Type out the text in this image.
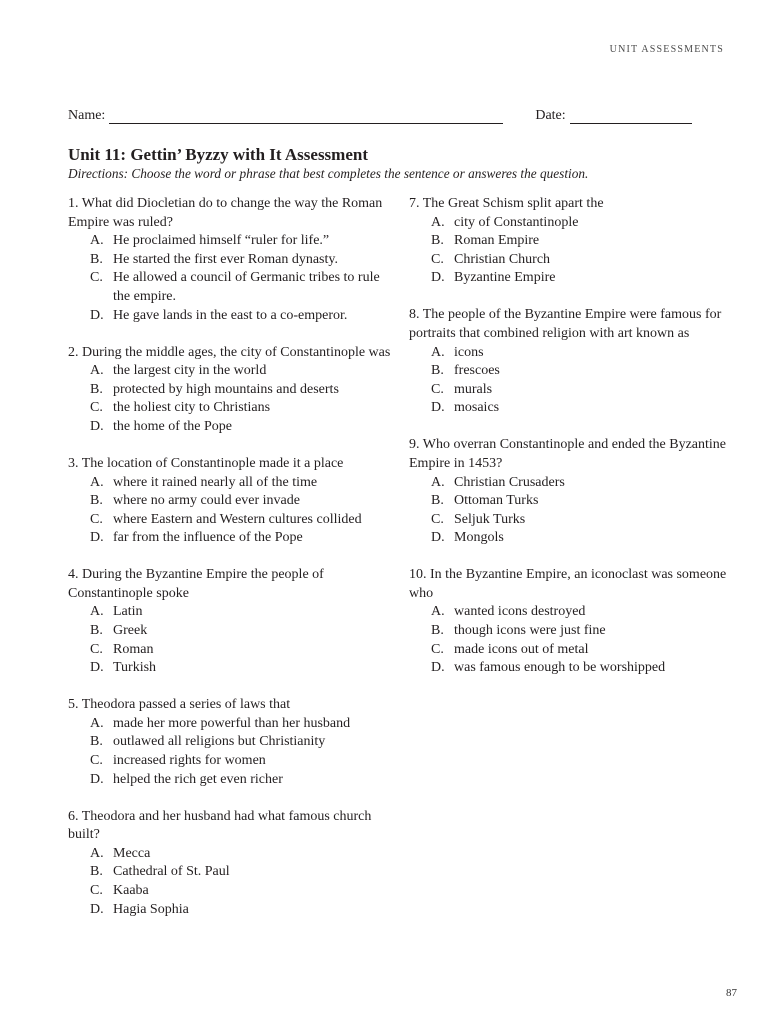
UNIT ASSESSMENTS
Name:	Date:
Unit 11: Gettin’ Byzzy with It Assessment
Directions: Choose the word or phrase that best completes the sentence or answeres the question.
1. What did Diocletian do to change the way the Roman Empire was ruled?
A. He proclaimed himself “ruler for life.”
B. He started the first ever Roman dynasty.
C. He allowed a council of Germanic tribes to rule the empire.
D. He gave lands in the east to a co-emperor.
2. During the middle ages, the city of Constantinople was
A. the largest city in the world
B. protected by high mountains and deserts
C. the holiest city to Christians
D. the home of the Pope
3. The location of Constantinople made it a place
A. where it rained nearly all of the time
B. where no army could ever invade
C. where Eastern and Western cultures collided
D. far from the influence of the Pope
4. During the Byzantine Empire the people of Constantinople spoke
A. Latin
B. Greek
C. Roman
D. Turkish
5. Theodora passed a series of laws that
A. made her more powerful than her husband
B. outlawed all religions but Christianity
C. increased rights for women
D. helped the rich get even richer
6. Theodora and her husband had what famous church built?
A. Mecca
B. Cathedral of St. Paul
C. Kaaba
D. Hagia Sophia
7. The Great Schism split apart the
A. city of Constantinople
B. Roman Empire
C. Christian Church
D. Byzantine Empire
8. The people of the Byzantine Empire were famous for portraits that combined religion with art known as
A. icons
B. frescoes
C. murals
D. mosaics
9. Who overran Constantinople and ended the Byzantine Empire in 1453?
A. Christian Crusaders
B. Ottoman Turks
C. Seljuk Turks
D. Mongols
10. In the Byzantine Empire, an iconoclast was someone who
A. wanted icons destroyed
B. though icons were just fine
C. made icons out of metal
D. was famous enough to be worshipped
87
